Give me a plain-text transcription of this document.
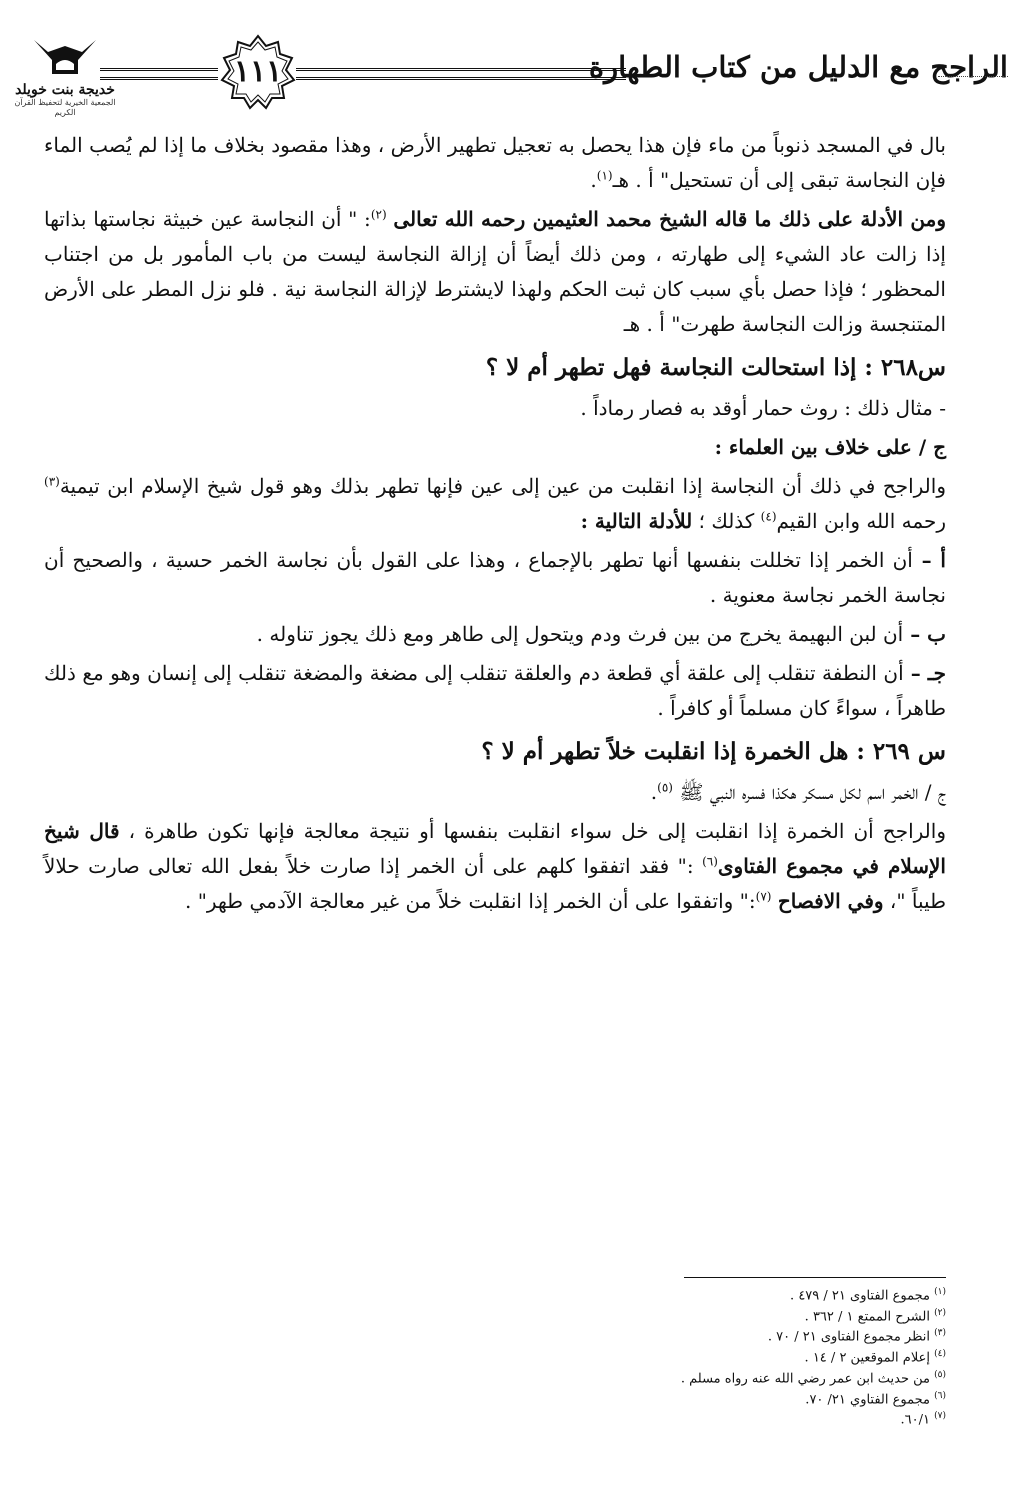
خديجة بنت خويلد
الجمعية الخيرية لتحفيظ القرآن الكريم
١١١	الراجح مع الدليل من كتاب الطهارة

بال في المسجد ذنوباً من ماء فإن هذا يحصل به تعجيل تطهير الأرض ، وهذا مقصود بخلاف ما إذا لم يُصب الماء فإن النجاسة تبقى إلى أن تستحيل" أ . هـ$^{(١)}$.

ومن الأدلة على ذلك ما قاله الشيخ محمد العثيمين رحمه الله تعالى $^{(٢)}$: " أن النجاسة عين خبيثة نجاستها بذاتها إذا زالت عاد الشيء إلى طهارته ، ومن ذلك أيضاً أن إزالة النجاسة ليست من باب المأمور بل من اجتناب المحظور ؛ فإذا حصل بأي سبب كان ثبت الحكم ولهذا لايشترط لإزالة النجاسة نية . فلو نزل المطر على الأرض المتنجسة وزالت النجاسة طهرت" أ . هـ

س٢٦٨ : إذا استحالت النجاسة فهل تطهر أم لا ؟

- مثال ذلك : روث حمار أوقد به فصار رماداً .

ج / على خلاف بين العلماء :

والراجح في ذلك أن النجاسة إذا انقلبت من عين إلى عين فإنها تطهر بذلك وهو قول شيخ الإسلام ابن تيمية$^{(٣)}$ رحمه الله وابن القيم$^{(٤)}$ كذلك ؛ للأدلة التالية :

أ – أن الخمر إذا تخللت بنفسها أنها تطهر بالإجماع ، وهذا على القول بأن نجاسة الخمر حسية ، والصحيح أن نجاسة الخمر نجاسة معنوية .

ب – أن لبن البهيمة يخرج من بين فرث ودم ويتحول إلى طاهر ومع ذلك يجوز تناوله .

جـ – أن النطفة تنقلب إلى علقة أي قطعة دم والعلقة تنقلب إلى مضغة والمضغة تنقلب إلى إنسان وهو مع ذلك طاهراً ، سواءً كان مسلماً أو كافراً .

س ٢٦٩ : هل الخمرة إذا انقلبت خلاً تطهر أم لا ؟

ج / الخمر اسم لكل مسكر هكذا فسره النبي ﷺ $^{(٥)}$.

والراجح أن الخمرة إذا انقلبت إلى خل سواء انقلبت بنفسها أو نتيجة معالجة فإنها تكون طاهرة ، قال شيخ الإسلام في مجموع الفتاوى$^{(٦)}$ :" فقد اتفقوا كلهم على أن الخمر إذا صارت خلاً بفعل الله تعالى صارت حلالاً طيباً "، وفي الافصاح $^{(٧)}$:" واتفقوا على أن الخمر إذا انقلبت خلاً من غير معالجة الآدمي طهر" .

$^{(١)}$ مجموع الفتاوى ٢١ / ٤٧٩ .
$^{(٢)}$ الشرح الممتع ١ / ٣٦٢ .
$^{(٣)}$ انظر مجموع الفتاوى ٢١ / ٧٠ .
$^{(٤)}$ إعلام الموقعين ٢ / ١٤ .
$^{(٥)}$ من حديث ابن عمر رضي الله عنه رواه مسلم .
$^{(٦)}$ مجموع الفتاوي ٢١/ ٧٠.
$^{(٧)}$ ٦٠/١.
